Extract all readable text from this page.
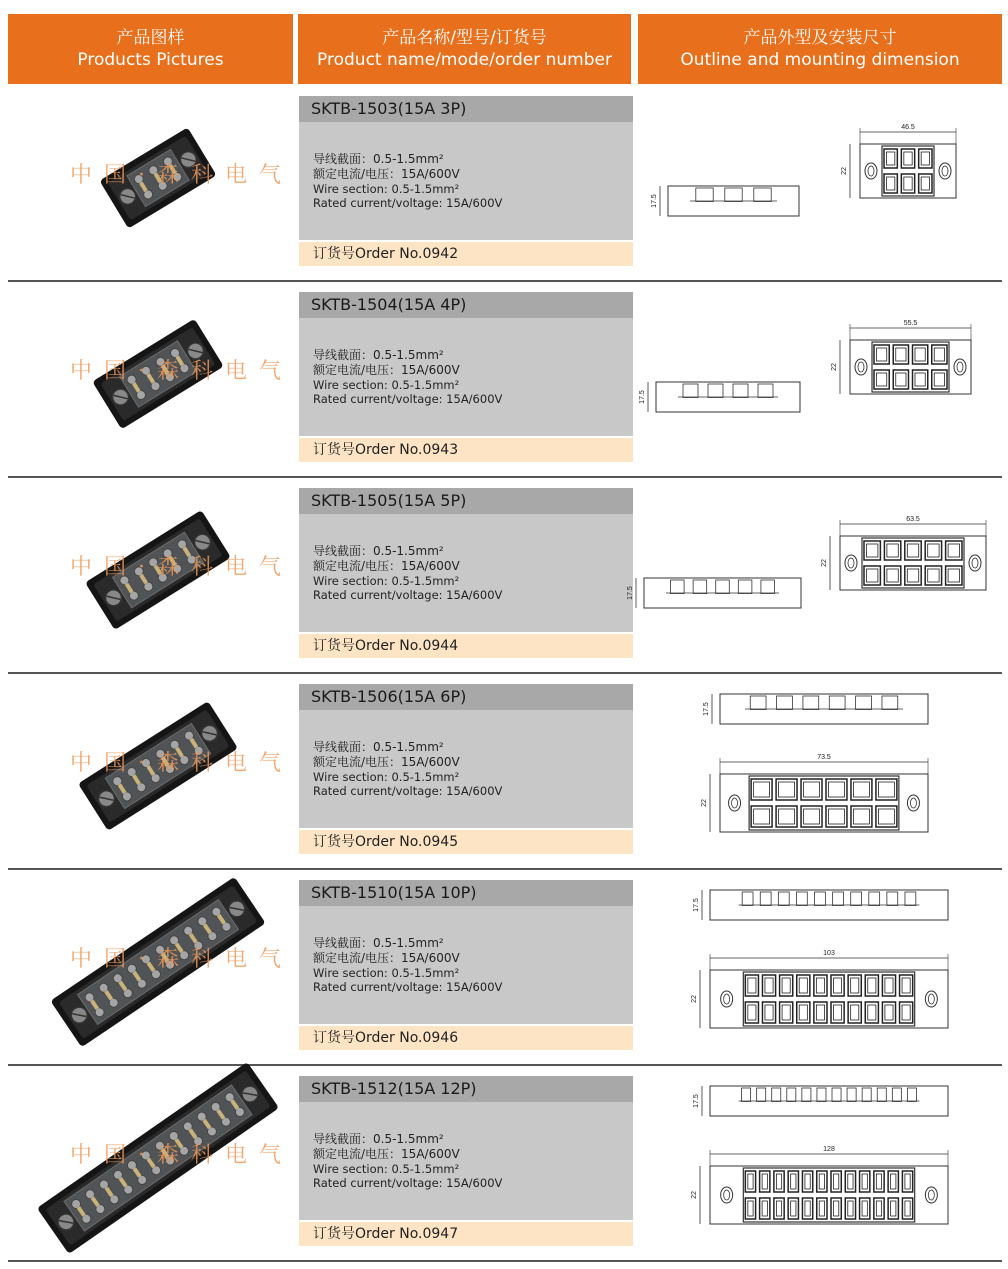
产品图样
Products Pictures
产品名称/型号/订货号
Product name/mode/order number
产品外型及安装尺寸
Outline and mounting dimension
中国·森科电气
SKTB-1503(15A 3P)
导线截面：0.5-1.5mm²
额定电流/电压：15A/600V
Wire section: 0.5-1.5mm²
Rated current/voltage: 15A/600V
订货号Order No.0942
17.5
46.5
22
中国·森科电气
SKTB-1504(15A 4P)
导线截面：0.5-1.5mm²
额定电流/电压：15A/600V
Wire section: 0.5-1.5mm²
Rated current/voltage: 15A/600V
订货号Order No.0943
17.5
55.5
22
中国·森科电气
SKTB-1505(15A 5P)
导线截面：0.5-1.5mm²
额定电流/电压：15A/600V
Wire section: 0.5-1.5mm²
Rated current/voltage: 15A/600V
订货号Order No.0944
17.5
63.5
22
中国·森科电气
SKTB-1506(15A 6P)
导线截面：0.5-1.5mm²
额定电流/电压：15A/600V
Wire section: 0.5-1.5mm²
Rated current/voltage: 15A/600V
订货号Order No.0945
17.5
73.5
22
中国·森科电气
SKTB-1510(15A 10P)
导线截面：0.5-1.5mm²
额定电流/电压：15A/600V
Wire section: 0.5-1.5mm²
Rated current/voltage: 15A/600V
订货号Order No.0946
17.5
103
22
中国·森科电气
SKTB-1512(15A 12P)
导线截面：0.5-1.5mm²
额定电流/电压：15A/600V
Wire section: 0.5-1.5mm²
Rated current/voltage: 15A/600V
订货号Order No.0947
17.5
128
22
